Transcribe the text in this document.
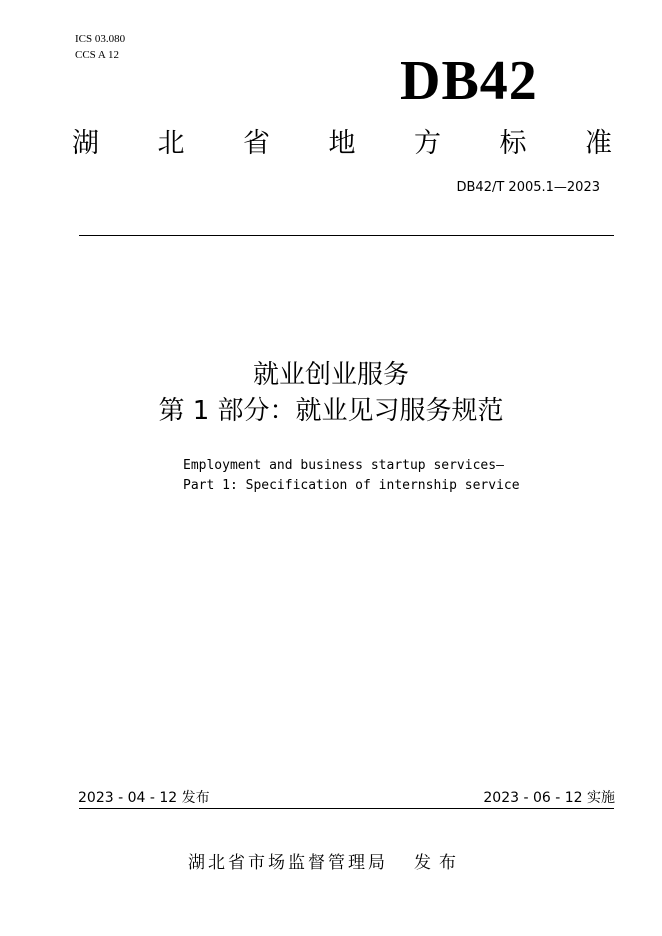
ICS 03.080
CCS A 12	DB42
湖 北 省 地 方 标 准
DB42/T 2005.1—2023
就业创业服务
第 1 部分：就业见习服务规范
Employment and business startup services—
Part 1: Specification of internship service
2023 - 04 - 12 发布	2023 - 06 - 12 实施
湖北省市场监督管理局 发布
